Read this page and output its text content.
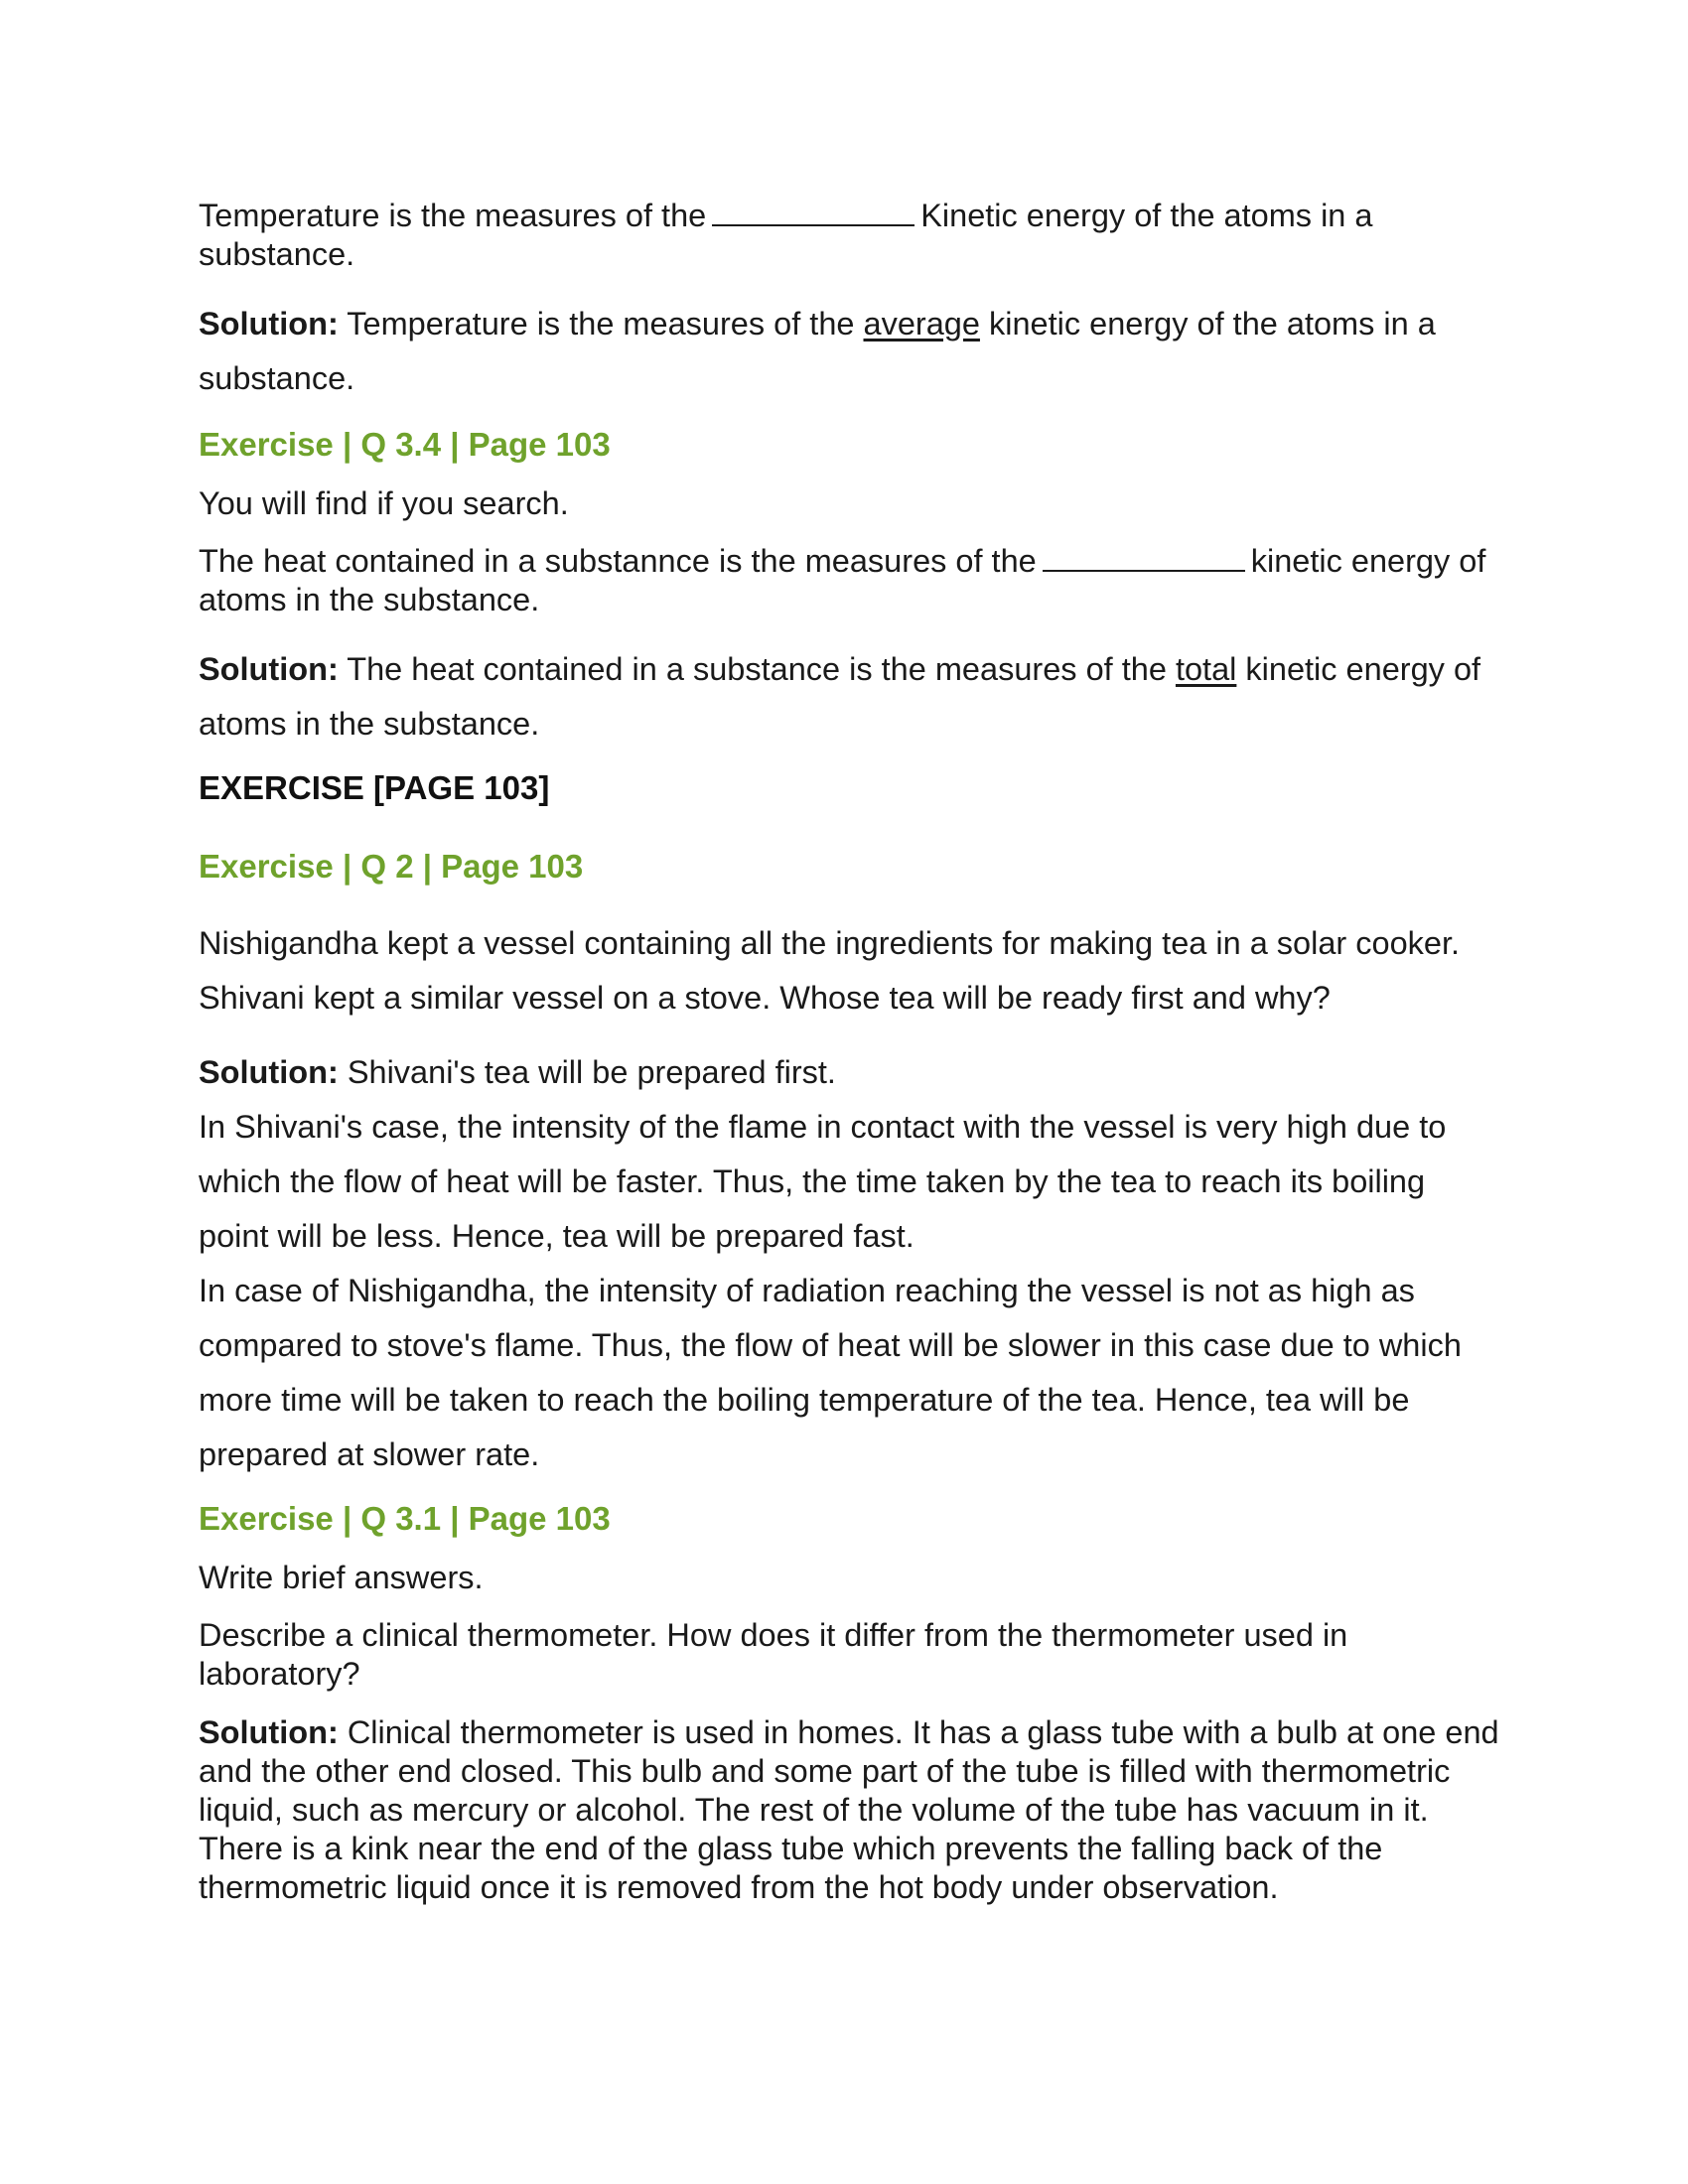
Temperature is the measures of the	Kinetic energy of the atoms in a substance.

Solution: Temperature is the measures of the average kinetic energy of the atoms in a substance.

Exercise | Q 3.4 | Page 103

You will find if you search.

The heat contained in a substannce is the measures of the	kinetic energy of atoms in the substance.

Solution: The heat contained in a substance is the measures of the total kinetic energy of atoms in the substance.

EXERCISE [PAGE 103]

Exercise | Q 2 | Page 103

Nishigandha kept a vessel containing all the ingredients for making tea in a solar cooker. Shivani kept a similar vessel on a stove. Whose tea will be ready first and why?

Solution: Shivani's tea will be prepared first.

In Shivani's case, the intensity of the flame in contact with the vessel is very high due to which the flow of heat will be faster. Thus, the time taken by the tea to reach its boiling point will be less. Hence, tea will be prepared fast.

In case of Nishigandha, the intensity of radiation reaching the vessel is not as high as compared to stove's flame. Thus, the flow of heat will be slower in this case due to which more time will be taken to reach the boiling temperature of the tea. Hence, tea will be prepared at slower rate.

Exercise | Q 3.1 | Page 103

Write brief answers.

Describe a clinical thermometer. How does it differ from the thermometer used in laboratory?

Solution: Clinical thermometer is used in homes. It has a glass tube with a bulb at one end and the other end closed. This bulb and some part of the tube is filled with thermometric liquid, such as mercury or alcohol. The rest of the volume of the tube has vacuum in it. There is a kink near the end of the glass tube which prevents the falling back of the thermometric liquid once it is removed from the hot body under observation.
